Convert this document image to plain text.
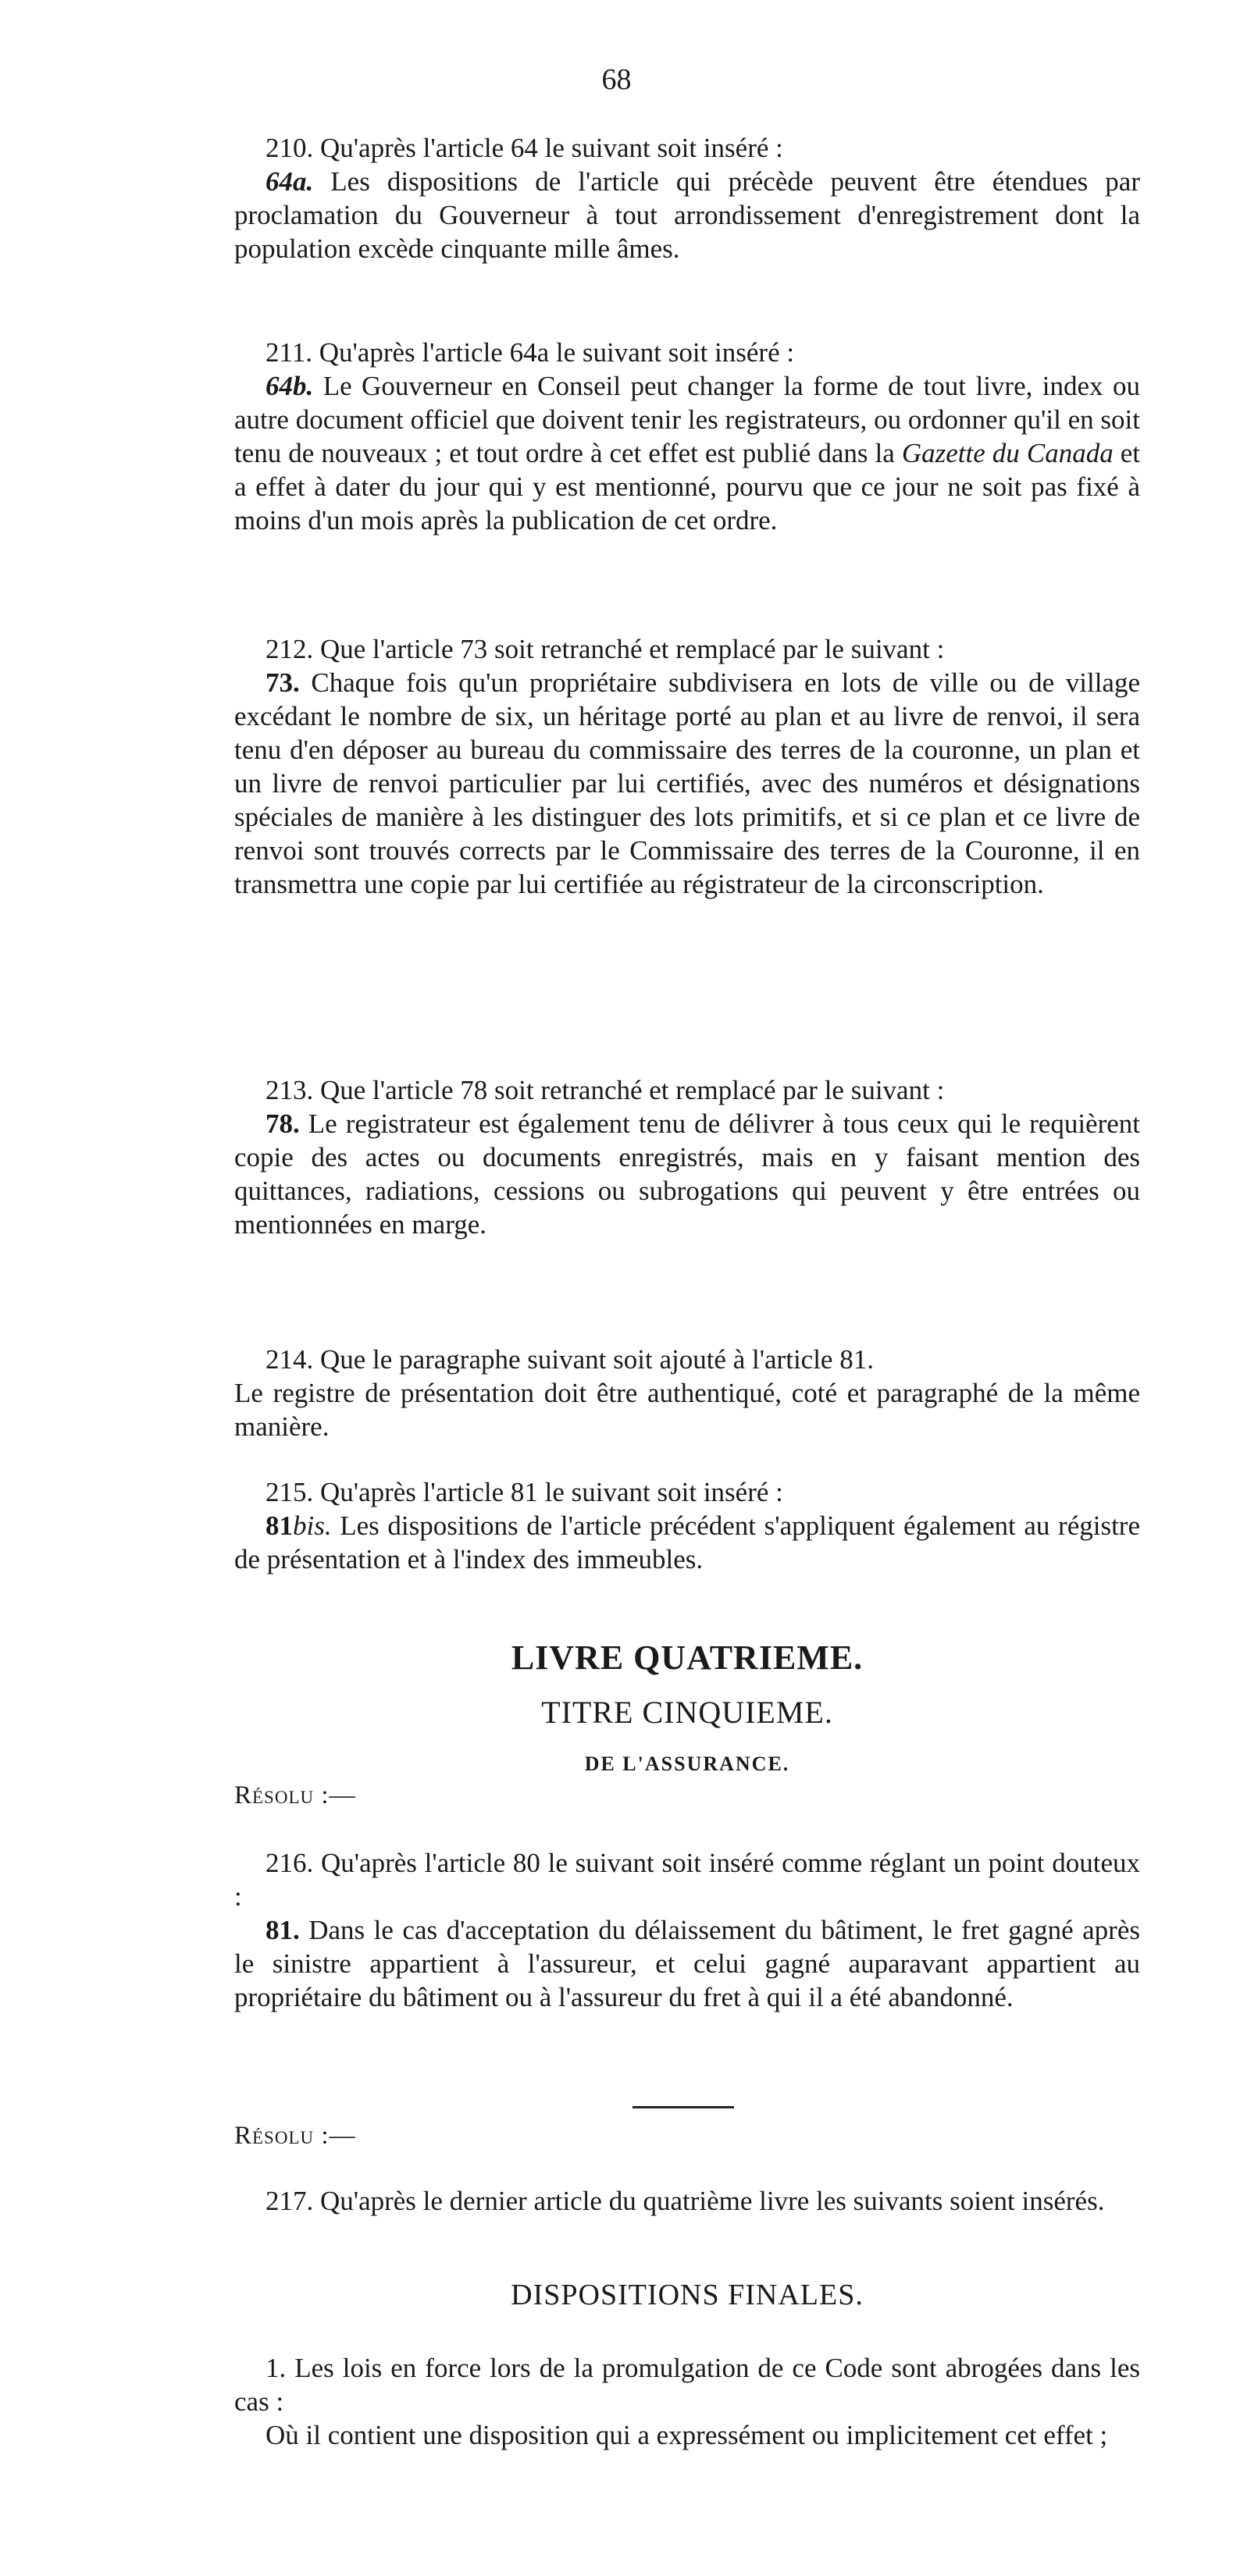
68

210. Qu'après l'article 64 le suivant soit inséré :

64a. Les dispositions de l'article qui précède peuvent être étendues par proclamation du Gouverneur à tout arrondissement d'enregistrement dont la population excède cinquante mille âmes.

211. Qu'après l'article 64a le suivant soit inséré :

64b. Le Gouverneur en Conseil peut changer la forme de tout livre, index ou autre document officiel que doivent tenir les registrateurs, ou ordonner qu'il en soit tenu de nouveaux ; et tout ordre à cet effet est publié dans la Gazette du Canada et a effet à dater du jour qui y est mentionné, pourvu que ce jour ne soit pas fixé à moins d'un mois après la publication de cet ordre.

212. Que l'article 73 soit retranché et remplacé par le suivant :

73. Chaque fois qu'un propriétaire subdivisera en lots de ville ou de village excédant le nombre de six, un héritage porté au plan et au livre de renvoi, il sera tenu d'en déposer au bureau du commissaire des terres de la couronne, un plan et un livre de renvoi particulier par lui certifiés, avec des numéros et désignations spéciales de manière à les distinguer des lots primitifs, et si ce plan et ce livre de renvoi sont trouvés corrects par le Commissaire des terres de la Couronne, il en transmettra une copie par lui certifiée au régistrateur de la circonscription.

213. Que l'article 78 soit retranché et remplacé par le suivant :

78. Le registrateur est également tenu de délivrer à tous ceux qui le requièrent copie des actes ou documents enregistrés, mais en y faisant mention des quittances, radiations, cessions ou subrogations qui peuvent y être entrées ou mentionnées en marge.

214. Que le paragraphe suivant soit ajouté à l'article 81.

Le registre de présentation doit être authentiqué, coté et paragraphé de la même manière.

215. Qu'après l'article 81 le suivant soit inséré :

81bis. Les dispositions de l'article précédent s'appliquent également au régistre de présentation et à l'index des immeubles.

LIVRE QUATRIEME.
TITRE CINQUIEME.
DE L'ASSURANCE.
Résolu :—

216. Qu'après l'article 80 le suivant soit inséré comme réglant un point douteux :

81. Dans le cas d'acceptation du délaissement du bâtiment, le fret gagné après le sinistre appartient à l'assureur, et celui gagné auparavant appartient au propriétaire du bâtiment ou à l'assureur du fret à qui il a été abandonné.

Résolu :—

217. Qu'après le dernier article du quatrième livre les suivants soient insérés.

DISPOSITIONS FINALES.

1. Les lois en force lors de la promulgation de ce Code sont abrogées dans les cas :

Où il contient une disposition qui a expressément ou implicitement cet effet ;
